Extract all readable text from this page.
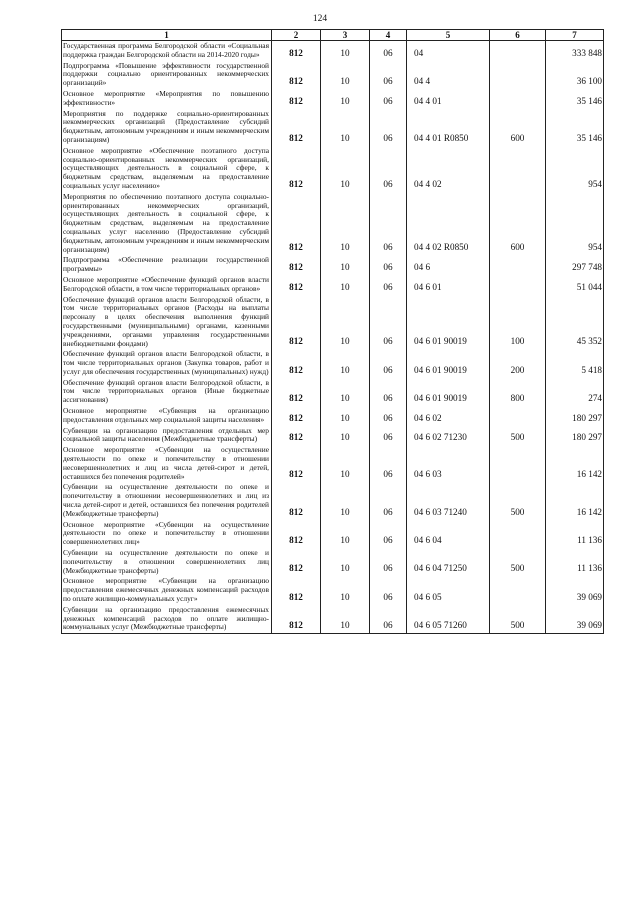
124
1	2	3	4	5	6	7
Государственная программа Белгородской области «Социальная поддержка граждан Белгородской области на 2014-2020 годы»	812	10	06	04		333 848
Подпрограмма «Повышение эффективности государственной поддержки социально ориентированных некоммерческих организаций»	812	10	06	04 4		36 100
Основное мероприятие «Мероприятия по повышению эффективности»	812	10	06	04 4 01		35 146
Мероприятия по поддержке социально-ориентированных некоммерческих организаций (Предоставление субсидий бюджетным, автономным учреждениям и иным некоммерческим организациям)	812	10	06	04 4 01 R0850	600	35 146
Основное мероприятие «Обеспечение поэтапного доступа социально-ориентированных некоммерческих организаций, осуществляющих деятельность в социальной сфере, к бюджетным средствам, выделяемым на предоставление социальных услуг населению»	812	10	06	04 4 02		954
Мероприятия по обеспечению поэтапного доступа социально-ориентированных некоммерческих организаций, осуществляющих деятельность в социальной сфере, к бюджетным средствам, выделяемым на предоставление социальных услуг населению (Предоставление субсидий бюджетным, автономным учреждениям и иным некоммерческим организациям)	812	10	06	04 4 02 R0850	600	954
Подпрограмма «Обеспечение реализации государственной программы»	812	10	06	04 6		297 748
Основное мероприятие «Обеспечение функций органов власти Белгородской области, в том числе территориальных органов»	812	10	06	04 6 01		51 044
Обеспечение функций органов власти Белгородской области, в том числе территориальных органов (Расходы на выплаты персоналу в целях обеспечения выполнения функций государственными (муниципальными) органами, казенными учреждениями, органами управления государственными внебюджетными фондами)	812	10	06	04 6 01 90019	100	45 352
Обеспечение функций органов власти Белгородской области, в том числе территориальных органов (Закупка товаров, работ и услуг для обеспечения государственных (муниципальных) нужд)	812	10	06	04 6 01 90019	200	5 418
Обеспечение функций органов власти Белгородской области, в том числе территориальных органов (Иные бюджетные ассигнования)	812	10	06	04 6 01 90019	800	274
Основное мероприятие «Субвенция на организацию предоставления отдельных мер социальной защиты населения»	812	10	06	04 6 02		180 297
Субвенции на организацию предоставления отдельных мер социальной защиты населения (Межбюджетные трансферты)	812	10	06	04 6 02 71230	500	180 297
Основное мероприятие «Субвенции на осуществление деятельности по опеке и попечительству в отношении несовершеннолетних и лиц из числа детей-сирот и детей, оставшихся без попечения родителей»	812	10	06	04 6 03		16 142
Субвенции на осуществление деятельности по опеке и попечительству в отношении несовершеннолетних и лиц из числа детей-сирот и детей, оставшихся без попечения родителей (Межбюджетные трансферты)	812	10	06	04 6 03 71240	500	16 142
Основное мероприятие «Субвенции на осуществление деятельности по опеке и попечительству в отношении совершеннолетних лиц»	812	10	06	04 6 04		11 136
Субвенции на осуществление деятельности по опеке и попечительству в отношении совершеннолетних лиц (Межбюджетные трансферты)	812	10	06	04 6 04 71250	500	11 136
Основное мероприятие «Субвенции на организацию предоставления ежемесячных денежных компенсаций расходов по оплате жилищно-коммунальных услуг»	812	10	06	04 6 05		39 069
Субвенции на организацию предоставления ежемесячных денежных компенсаций расходов по оплате жилищно-коммунальных услуг (Межбюджетные трансферты)	812	10	06	04 6 05 71260	500	39 069
